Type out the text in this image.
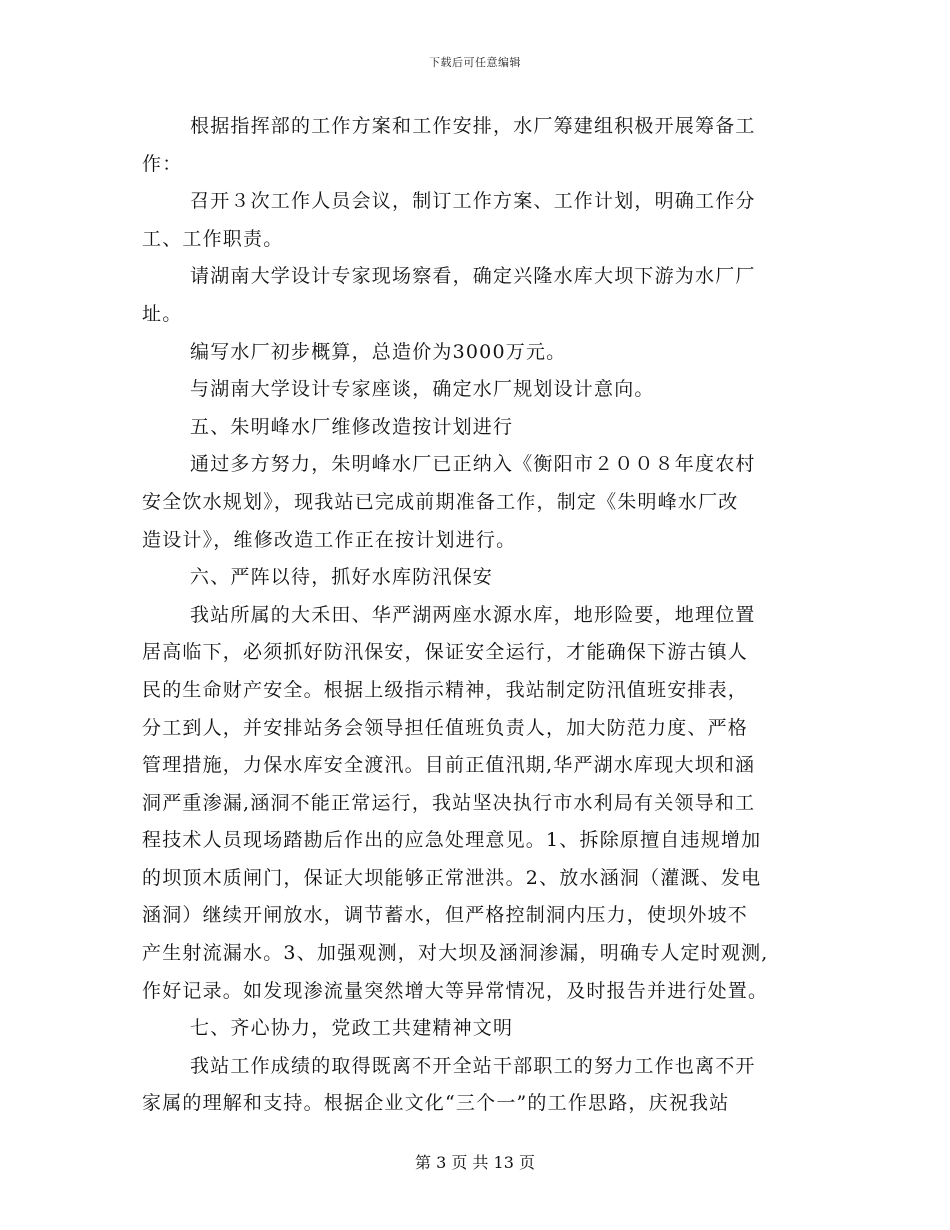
下载后可任意编辑
根据指挥部的工作方案和工作安排，水厂筹建组积极开展筹备工
作：
召开３次工作人员会议，制订工作方案、工作计划，明确工作分
工、工作职责。
请湖南大学设计专家现场察看，确定兴隆水库大坝下游为水厂厂
址。
编写水厂初步概算，总造价为3000万元。
与湖南大学设计专家座谈，确定水厂规划设计意向。
五、朱明峰水厂维修改造按计划进行
通过多方努力，朱明峰水厂已正纳入《衡阳市２００８年度农村
安全饮水规划》，现我站已完成前期准备工作，制定《朱明峰水厂改
造设计》，维修改造工作正在按计划进行。
六、严阵以待，抓好水库防汛保安
我站所属的大禾田、华严湖两座水源水库，地形险要，地理位置
居高临下，必须抓好防汛保安，保证安全运行，才能确保下游古镇人
民的生命财产安全。根据上级指示精神，我站制定防汛值班安排表，
分工到人，并安排站务会领导担任值班负责人，加大防范力度、严格
管理措施，力保水库安全渡汛。目前正值汛期,华严湖水库现大坝和涵
洞严重渗漏,涵洞不能正常运行，我站坚决执行市水利局有关领导和工
程技术人员现场踏勘后作出的应急处理意见。1、拆除原擅自违规增加
的坝顶木质闸门，保证大坝能够正常泄洪。2、放水涵洞（灌溉、发电
涵洞）继续开闸放水，调节蓄水，但严格控制洞内压力，使坝外坡不
产生射流漏水。3、加强观测，对大坝及涵洞渗漏，明确专人定时观测,
作好记录。如发现渗流量突然增大等异常情况，及时报告并进行处置。
七、齐心协力，党政工共建精神文明
我站工作成绩的取得既离不开全站干部职工的努力工作也离不开
家属的理解和支持。根据企业文化“三个一”的工作思路，庆祝我站
第 3 页 共 13 页
